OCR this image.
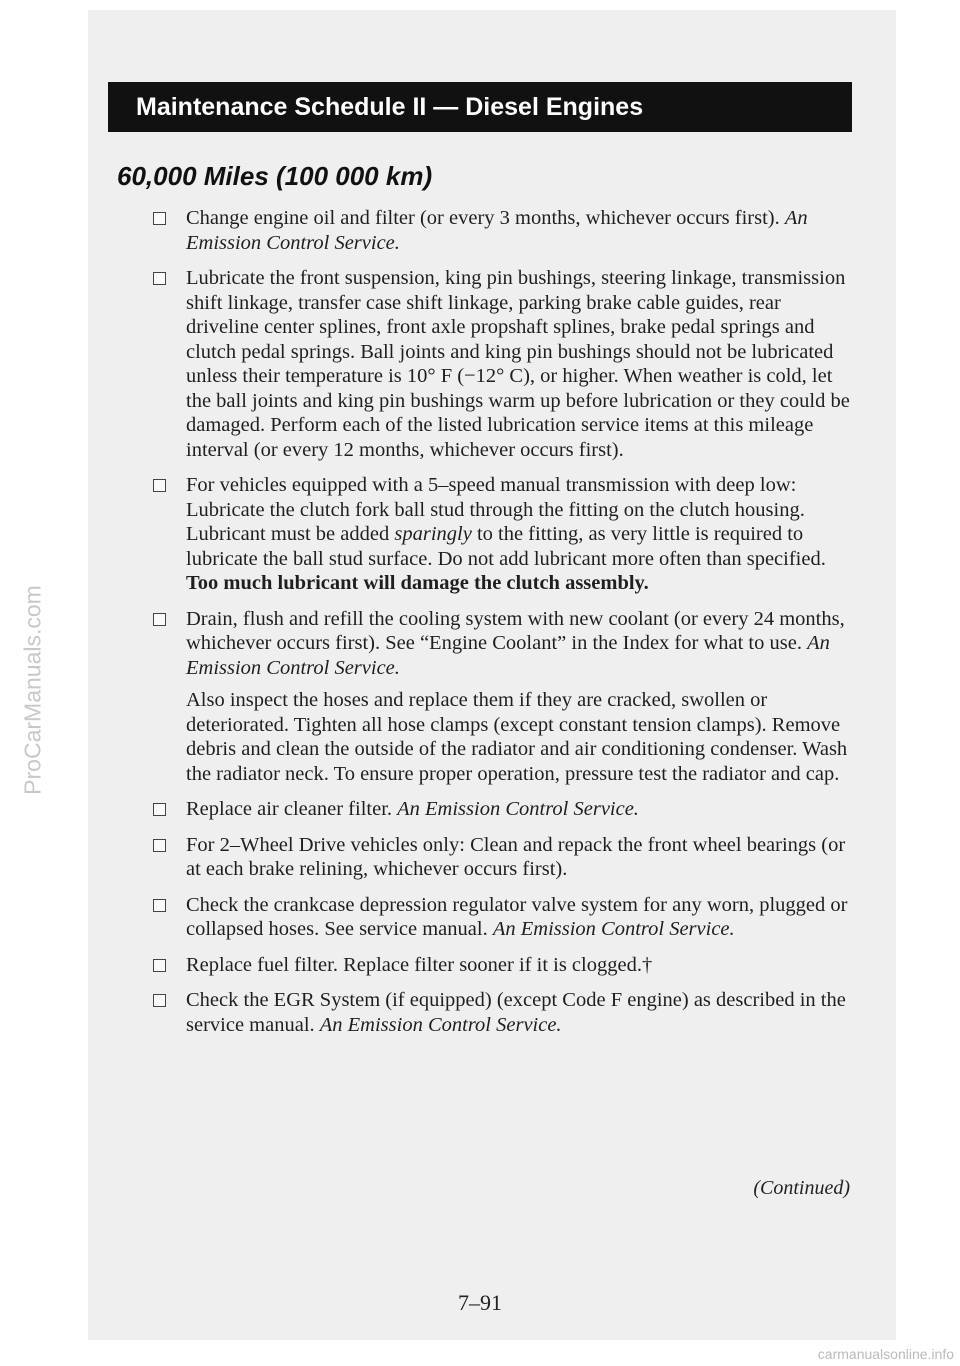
Maintenance Schedule II — Diesel Engines
60,000 Miles (100 000 km)
Change engine oil and filter (or every 3 months, whichever occurs first). An Emission Control Service.
Lubricate the front suspension, king pin bushings, steering linkage, transmission shift linkage, transfer case shift linkage, parking brake cable guides, rear driveline center splines, front axle propshaft splines, brake pedal springs and clutch pedal springs. Ball joints and king pin bushings should not be lubricated unless their temperature is 10° F (−12° C), or higher. When weather is cold, let the ball joints and king pin bushings warm up before lubrication or they could be damaged. Perform each of the listed lubrication service items at this mileage interval (or every 12 months, whichever occurs first).
For vehicles equipped with a 5–speed manual transmission with deep low: Lubricate the clutch fork ball stud through the fitting on the clutch housing. Lubricant must be added sparingly to the fitting, as very little is required to lubricate the ball stud surface. Do not add lubricant more often than specified. Too much lubricant will damage the clutch assembly.
Drain, flush and refill the cooling system with new coolant (or every 24 months, whichever occurs first). See “Engine Coolant” in the Index for what to use. An Emission Control Service.
Also inspect the hoses and replace them if they are cracked, swollen or deteriorated. Tighten all hose clamps (except constant tension clamps). Remove debris and clean the outside of the radiator and air conditioning condenser. Wash the radiator neck. To ensure proper operation, pressure test the radiator and cap.
Replace air cleaner filter. An Emission Control Service.
For 2–Wheel Drive vehicles only: Clean and repack the front wheel bearings (or at each brake relining, whichever occurs first).
Check the crankcase depression regulator valve system for any worn, plugged or collapsed hoses. See service manual. An Emission Control Service.
Replace fuel filter. Replace filter sooner if it is clogged.†
Check the EGR System (if equipped) (except Code F engine) as described in the service manual. An Emission Control Service.
(Continued)
7–91
ProCarManuals.com
carmanualsonline.info
